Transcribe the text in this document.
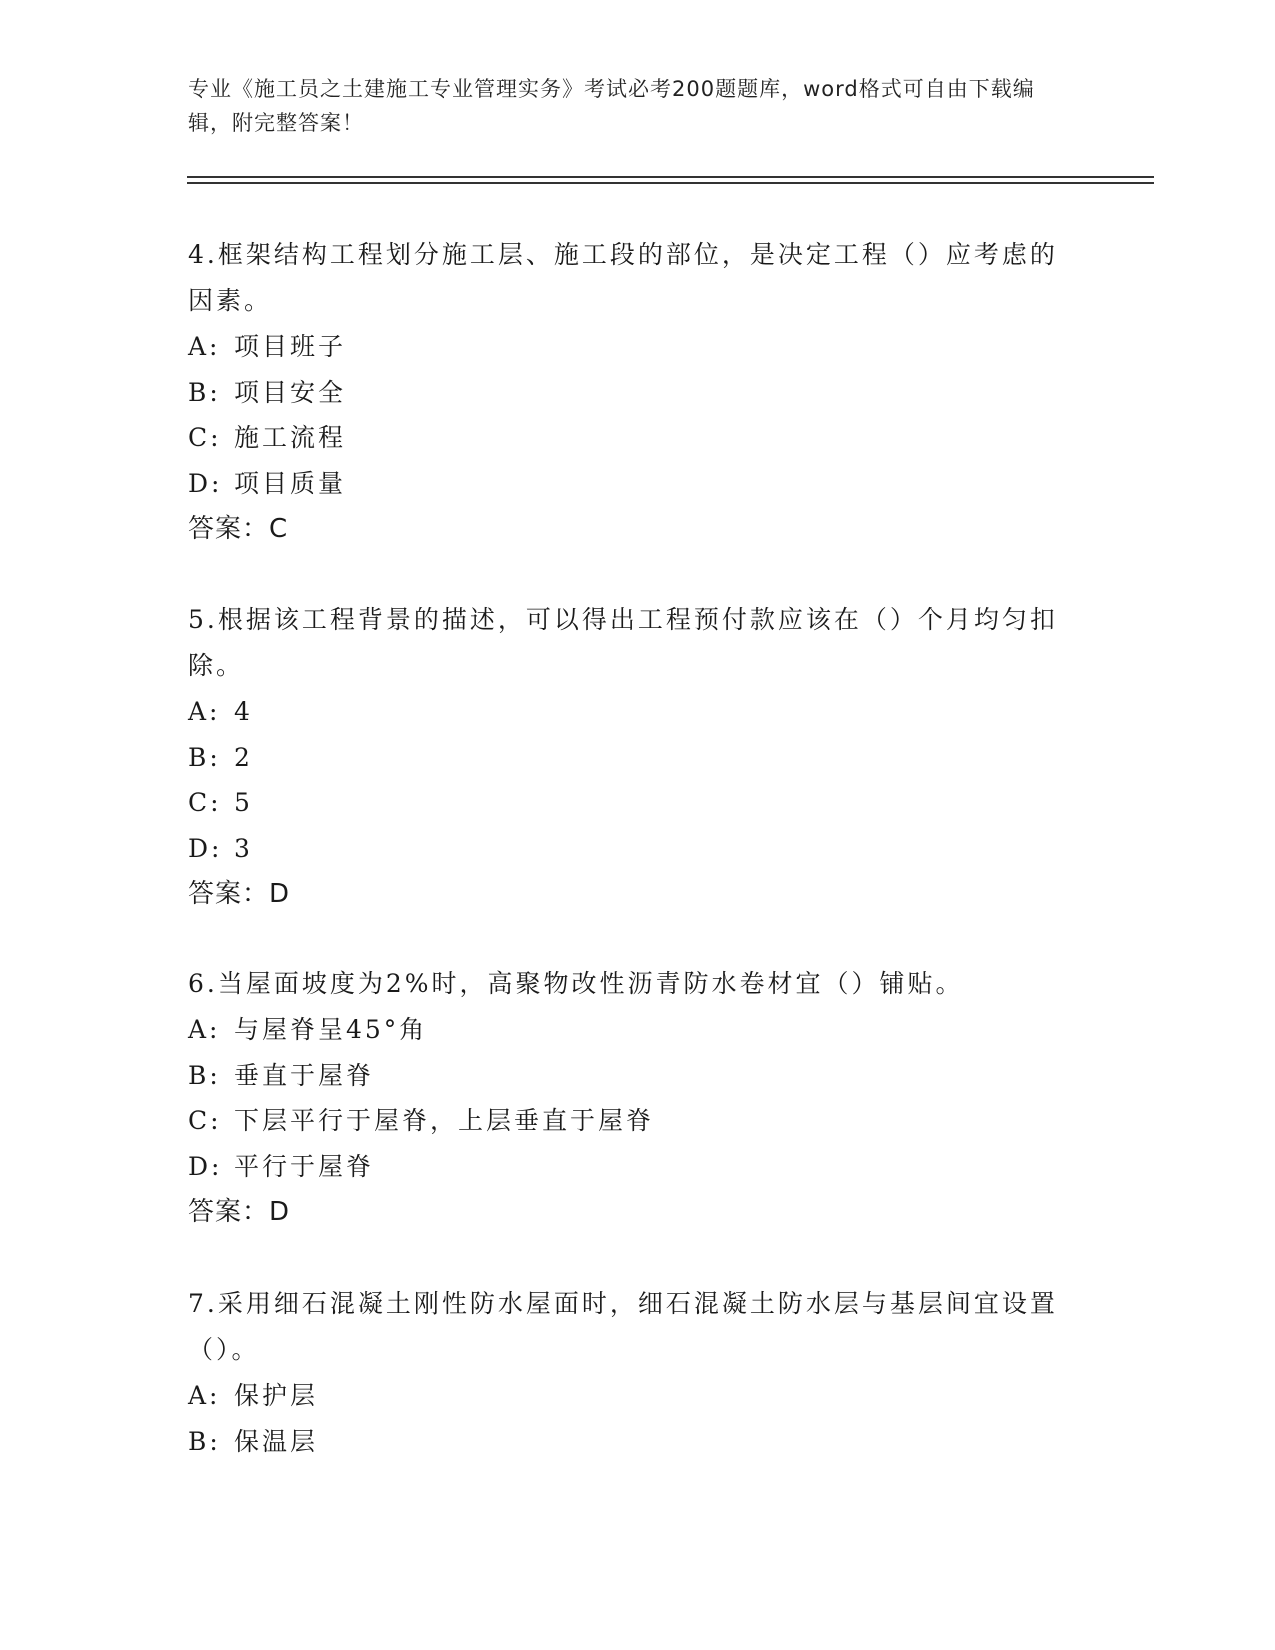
专业《施工员之土建施工专业管理实务》考试必考200题题库，word格式可自由下载编辑，附完整答案！

4.框架结构工程划分施工层、施工段的部位，是决定工程（）应考虑的因素。

A: 项目班子

B: 项目安全

C: 施工流程

D: 项目质量

答案：C

5.根据该工程背景的描述，可以得出工程预付款应该在（）个月均匀扣除。

A: 4

B: 2

C: 5

D: 3

答案：D

6.当屋面坡度为2%时，高聚物改性沥青防水卷材宜（）铺贴。

A: 与屋脊呈45°角

B: 垂直于屋脊

C: 下层平行于屋脊，上层垂直于屋脊

D: 平行于屋脊

答案：D

7.采用细石混凝土刚性防水屋面时，细石混凝土防水层与基层间宜设置（）。

A: 保护层

B: 保温层
